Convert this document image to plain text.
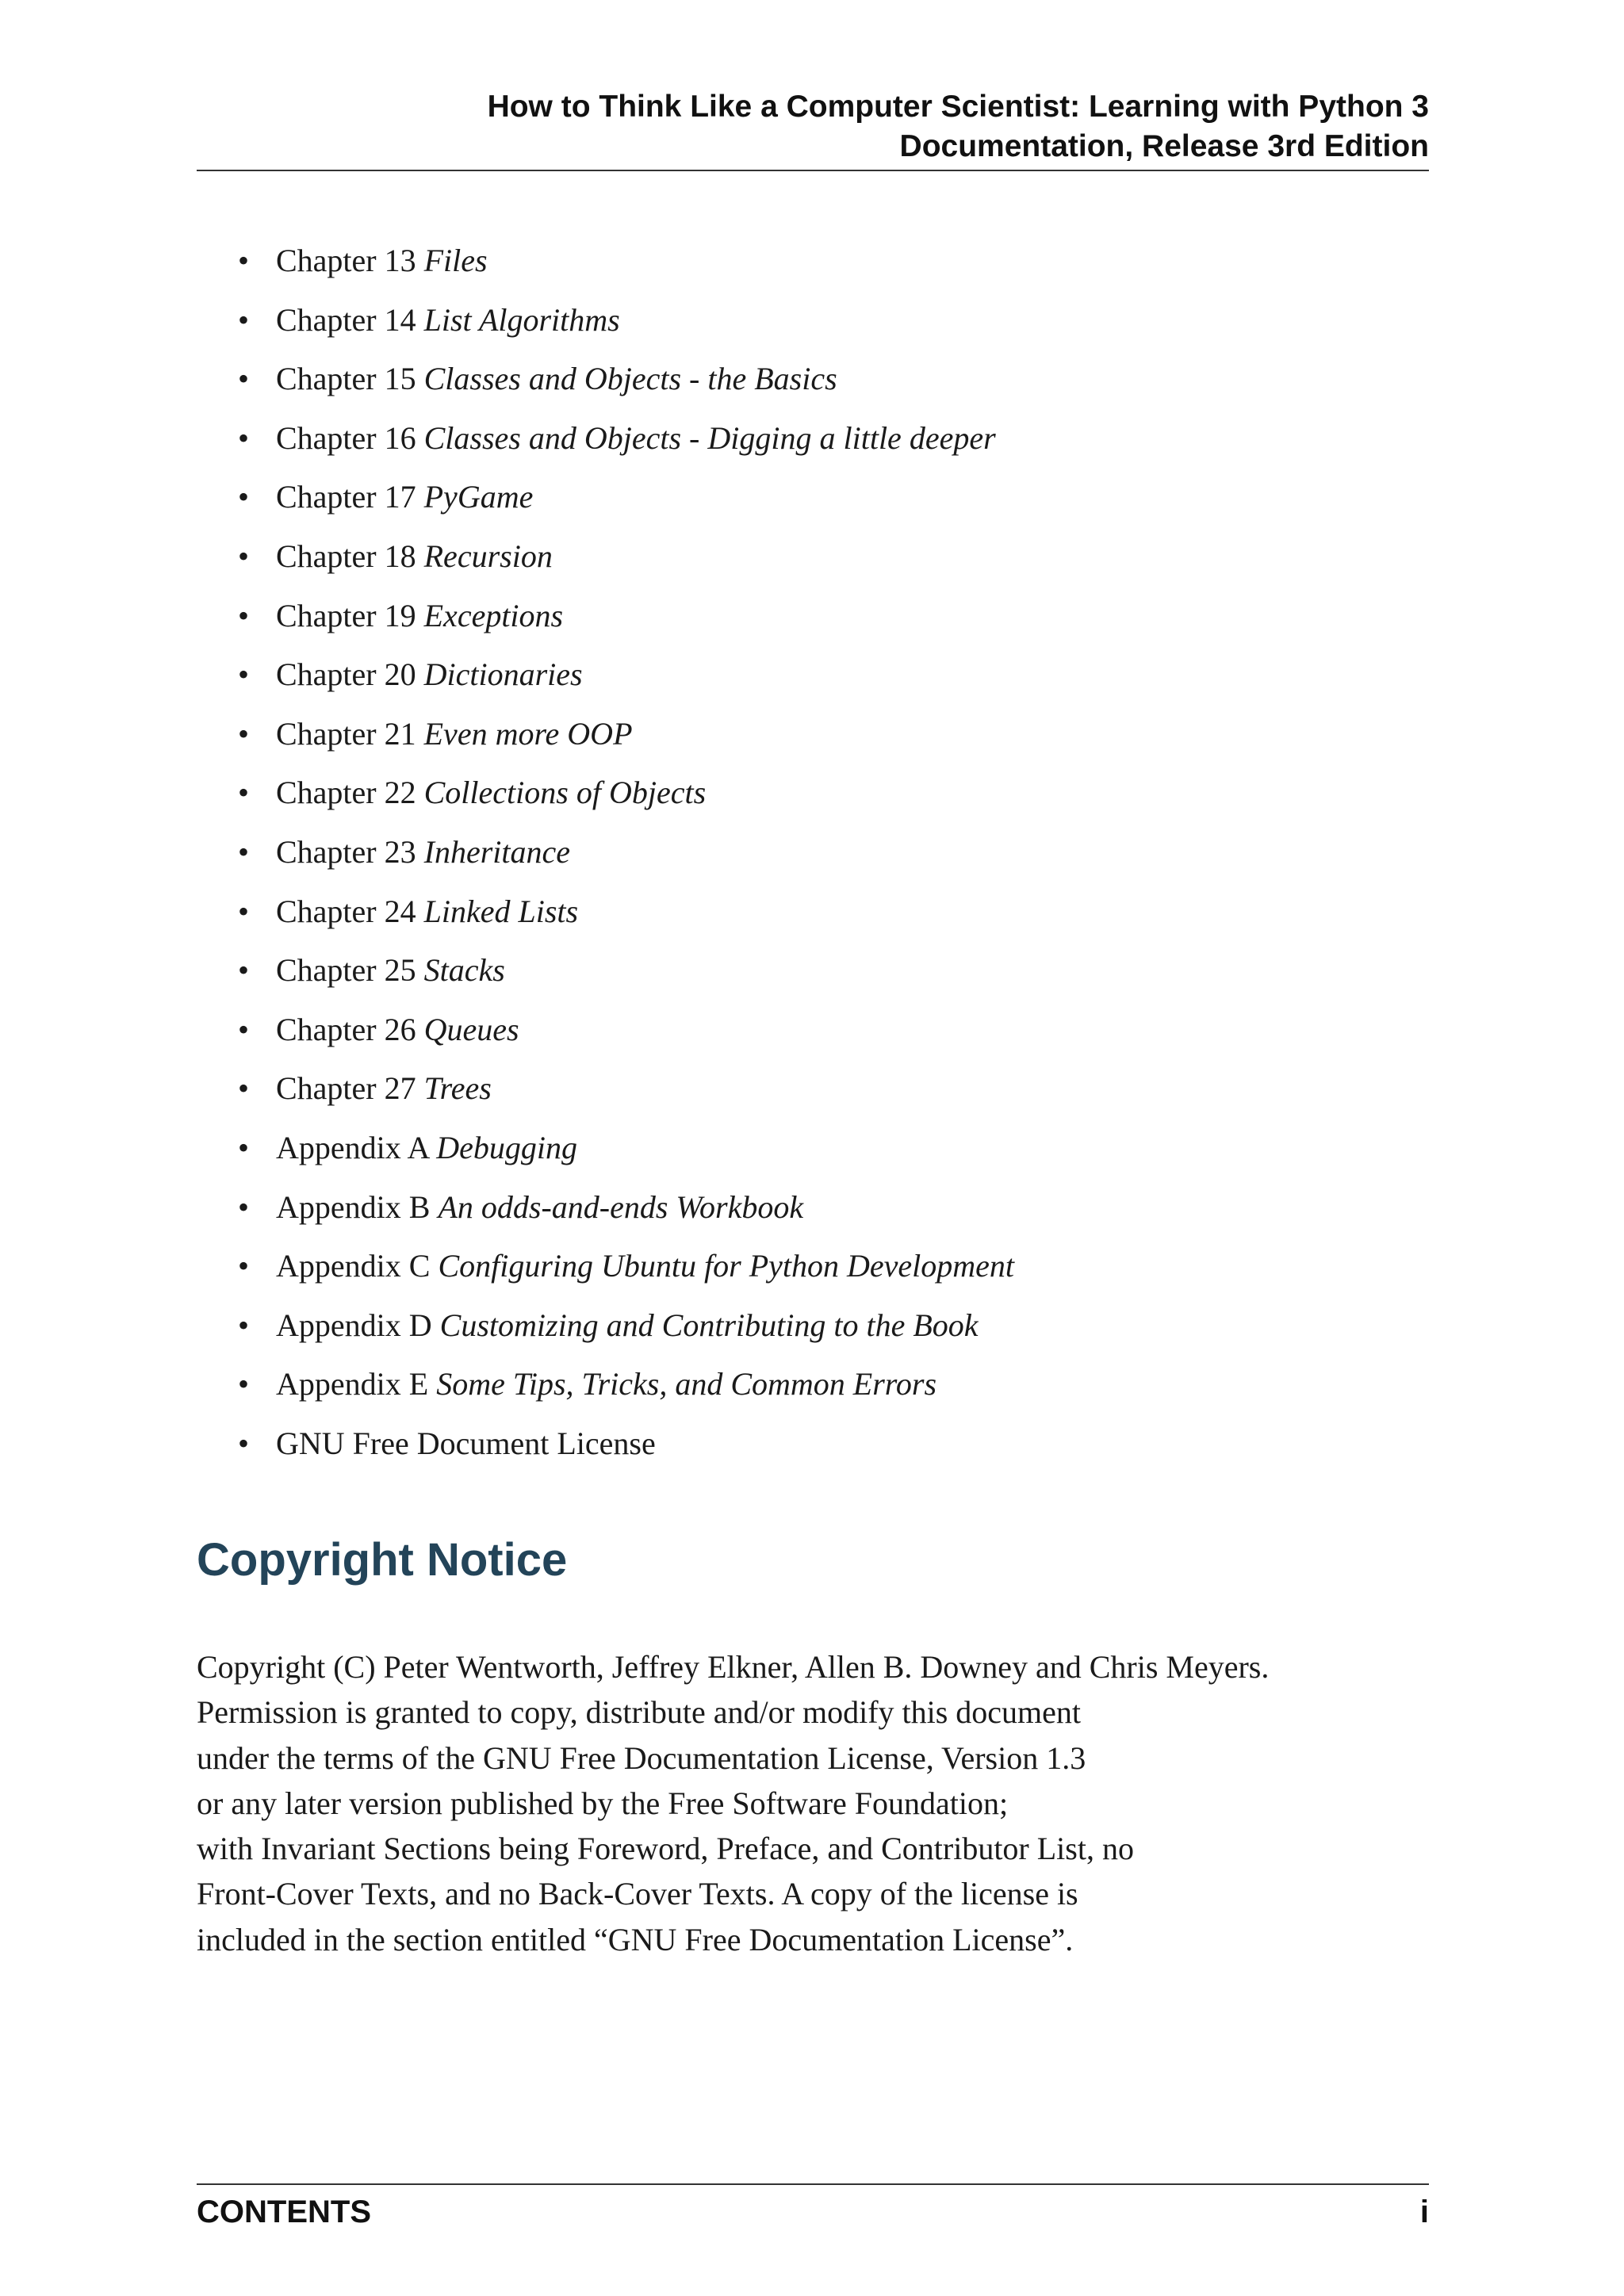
How to Think Like a Computer Scientist: Learning with Python 3
Documentation, Release 3rd Edition
• Chapter 13 Files
• Chapter 14 List Algorithms
• Chapter 15 Classes and Objects - the Basics
• Chapter 16 Classes and Objects - Digging a little deeper
• Chapter 17 PyGame
• Chapter 18 Recursion
• Chapter 19 Exceptions
• Chapter 20 Dictionaries
• Chapter 21 Even more OOP
• Chapter 22 Collections of Objects
• Chapter 23 Inheritance
• Chapter 24 Linked Lists
• Chapter 25 Stacks
• Chapter 26 Queues
• Chapter 27 Trees
• Appendix A Debugging
• Appendix B An odds-and-ends Workbook
• Appendix C Configuring Ubuntu for Python Development
• Appendix D Customizing and Contributing to the Book
• Appendix E Some Tips, Tricks, and Common Errors
• GNU Free Document License
Copyright Notice
Copyright (C) Peter Wentworth, Jeffrey Elkner, Allen B. Downey and Chris Meyers.
Permission is granted to copy, distribute and/or modify this document
under the terms of the GNU Free Documentation License, Version 1.3
or any later version published by the Free Software Foundation;
with Invariant Sections being Foreword, Preface, and Contributor List, no
Front-Cover Texts, and no Back-Cover Texts. A copy of the license is
included in the section entitled “GNU Free Documentation License”.
CONTENTS	i
